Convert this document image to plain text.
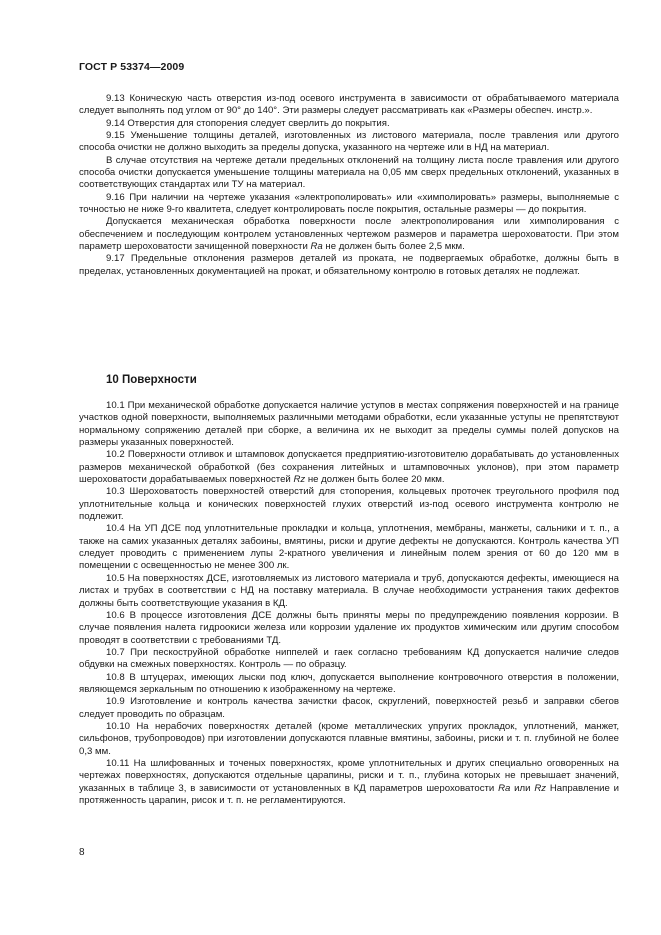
ГОСТ Р 53374—2009

9.13 Коническую часть отверстия из-под осевого инструмента в зависимости от обрабатываемого материала следует выполнять под углом от 90° до 140°. Эти размеры следует рассматривать как «Размеры обеспеч. инстр.».

9.14 Отверстия для стопорения следует сверлить до покрытия.

9.15 Уменьшение толщины деталей, изготовленных из листового материала, после травления или другого способа очистки не должно выходить за пределы допуска, указанного на чертеже или в НД на материал.

В случае отсутствия на чертеже детали предельных отклонений на толщину листа после травления или другого способа очистки допускается уменьшение толщины материала на 0,05 мм сверх предельных отклонений, указанных в соответствующих стандартах или ТУ на материал.

9.16 При наличии на чертеже указания «электрополировать» или «химполировать» размеры, выполняемые с точностью не ниже 9-го квалитета, следует контролировать после покрытия, остальные размеры — до покрытия.

Допускается механическая обработка поверхности после электрополирования или химполирования с обеспечением и последующим контролем установленных чертежом размеров и параметра шероховатости. При этом параметр шероховатости зачищенной поверхности Ra не должен быть более 2,5 мкм.

9.17 Предельные отклонения размеров деталей из проката, не подвергаемых обработке, должны быть в пределах, установленных документацией на прокат, и обязательному контролю в готовых деталях не подлежат.

10 Поверхности

10.1 При механической обработке допускается наличие уступов в местах сопряжения поверхностей и на границе участков одной поверхности, выполняемых различными методами обработки, если указанные уступы не препятствуют нормальному сопряжению деталей при сборке, а величина их не выходит за пределы суммы полей допусков на размеры указанных поверхностей.

10.2 Поверхности отливок и штамповок допускается предприятию-изготовителю дорабатывать до установленных размеров механической обработкой (без сохранения литейных и штамповочных уклонов), при этом параметр шероховатости дорабатываемых поверхностей Rz не должен быть более 20 мкм.

10.3 Шероховатость поверхностей отверстий для стопорения, кольцевых проточек треугольного профиля под уплотнительные кольца и конических поверхностей глухих отверстий из-под осевого инструмента контролю не подлежит.

10.4 На УП ДСЕ под уплотнительные прокладки и кольца, уплотнения, мембраны, манжеты, сальники и т. п., а также на самих указанных деталях забоины, вмятины, риски и другие дефекты не допускаются. Контроль качества УП следует проводить с применением лупы 2-кратного увеличения и линейным полем зрения от 60 до 120 мм в помещении с освещенностью не менее 300 лк.

10.5 На поверхностях ДСЕ, изготовляемых из листового материала и труб, допускаются дефекты, имеющиеся на листах и трубах в соответствии с НД на поставку материала. В случае необходимости устранения таких дефектов должны быть соответствующие указания в КД.

10.6 В процессе изготовления ДСЕ должны быть приняты меры по предупреждению появления коррозии. В случае появления налета гидроокиси железа или коррозии удаление их продуктов химическим или другим способом проводят в соответствии с требованиями ТД.

10.7 При пескоструйной обработке ниппелей и гаек согласно требованиям КД допускается наличие следов обдувки на смежных поверхностях. Контроль — по образцу.

10.8 В штуцерах, имеющих лыски под ключ, допускается выполнение контровочного отверстия в положении, являющемся зеркальным по отношению к изображенному на чертеже.

10.9 Изготовление и контроль качества зачистки фасок, скруглений, поверхностей резьб и заправки сбегов следует проводить по образцам.

10.10 На нерабочих поверхностях деталей (кроме металлических упругих прокладок, уплотнений, манжет, сильфонов, трубопроводов) при изготовлении допускаются плавные вмятины, забоины, риски и т. п. глубиной не более 0,3 мм.

10.11 На шлифованных и точеных поверхностях, кроме уплотнительных и других специально оговоренных на чертежах поверхностях, допускаются отдельные царапины, риски и т. п., глубина которых не превышает значений, указанных в таблице 3, в зависимости от установленных в КД параметров шероховатости Ra или Rz Направление и протяженность царапин, рисок и т. п. не регламентируются.

8
